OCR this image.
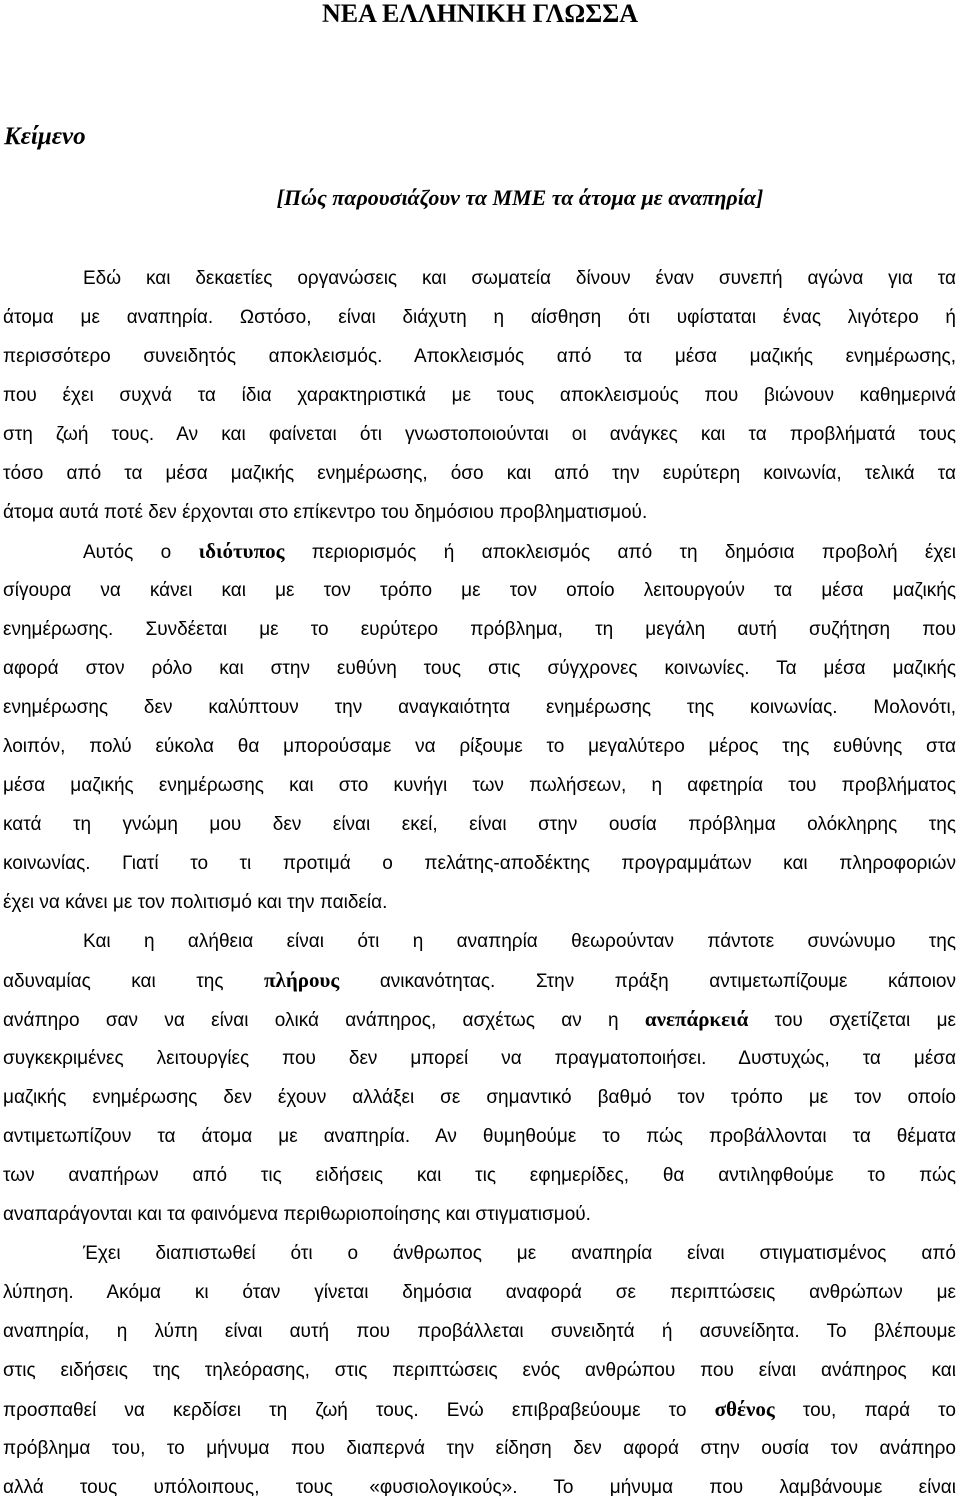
ΝΕΑ ΕΛΛΗΝΙΚΗ ΓΛΩΣΣΑ
Κείμενο
[Πώς παρουσιάζουν τα ΜΜΕ τα άτομα με αναπηρία]
Εδώ και δεκαετίες οργανώσεις και σωματεία δίνουν έναν συνεπή αγώνα για τα
άτομα με αναπηρία. Ωστόσο, είναι διάχυτη η αίσθηση ότι υφίσταται ένας λιγότερο ή
περισσότερο συνειδητός αποκλεισμός. Αποκλεισμός από τα μέσα μαζικής ενημέρωσης,
που έχει συχνά τα ίδια χαρακτηριστικά με τους αποκλεισμούς που βιώνουν καθημερινά
στη ζωή τους. Αν και φαίνεται ότι γνωστοποιούνται οι ανάγκες και τα προβλήματά τους
τόσο από τα μέσα μαζικής ενημέρωσης, όσο και από την ευρύτερη κοινωνία, τελικά τα
άτομα αυτά ποτέ δεν έρχονται στο επίκεντρο του δημόσιου προβληματισμού.
Αυτός ο ιδιότυπος περιορισμός ή αποκλεισμός από τη δημόσια προβολή έχει
σίγουρα να κάνει και με τον τρόπο με τον οποίο λειτουργούν τα μέσα μαζικής
ενημέρωσης. Συνδέεται με το ευρύτερο πρόβλημα, τη μεγάλη αυτή συζήτηση που
αφορά στον ρόλο και στην ευθύνη τους στις σύγχρονες κοινωνίες. Τα μέσα μαζικής
ενημέρωσης δεν καλύπτουν την αναγκαιότητα ενημέρωσης της κοινωνίας. Μολονότι,
λοιπόν, πολύ εύκολα θα μπορούσαμε να ρίξουμε το μεγαλύτερο μέρος της ευθύνης στα
μέσα μαζικής ενημέρωσης και στο κυνήγι των πωλήσεων, η αφετηρία του προβλήματος
κατά τη γνώμη μου δεν είναι εκεί, είναι στην ουσία πρόβλημα ολόκληρης της
κοινωνίας. Γιατί το τι προτιμά ο πελάτης-αποδέκτης προγραμμάτων και πληροφοριών
έχει να κάνει με τον πολιτισμό και την παιδεία.
Και η αλήθεια είναι ότι η αναπηρία θεωρούνταν πάντοτε συνώνυμο της
αδυναμίας και της πλήρους ανικανότητας. Στην πράξη αντιμετωπίζουμε κάποιον
ανάπηρο σαν να είναι ολικά ανάπηρος, ασχέτως αν η ανεπάρκειά του σχετίζεται με
συγκεκριμένες λειτουργίες που δεν μπορεί να πραγματοποιήσει. Δυστυχώς, τα μέσα
μαζικής ενημέρωσης δεν έχουν αλλάξει σε σημαντικό βαθμό τον τρόπο με τον οποίο
αντιμετωπίζουν τα άτομα με αναπηρία. Αν θυμηθούμε το πώς προβάλλονται τα θέματα
των αναπήρων από τις ειδήσεις και τις εφημερίδες, θα αντιληφθούμε το πώς
αναπαράγονται και τα φαινόμενα περιθωριοποίησης και στιγματισμού.
Έχει διαπιστωθεί ότι ο άνθρωπος με αναπηρία είναι στιγματισμένος από
λύπηση. Ακόμα κι όταν γίνεται δημόσια αναφορά σε περιπτώσεις ανθρώπων με
αναπηρία, η λύπη είναι αυτή που προβάλλεται συνειδητά ή ασυνείδητα. Το βλέπουμε
στις ειδήσεις της τηλεόρασης, στις περιπτώσεις ενός ανθρώπου που είναι ανάπηρος και
προσπαθεί να κερδίσει τη ζωή τους. Ενώ επιβραβεύουμε το σθένος του, παρά το
πρόβλημα του, το μήνυμα που διαπερνά την είδηση δεν αφορά στην ουσία τον ανάπηρο
αλλά τους υπόλοιπους, τους «φυσιολογικούς». Το μήνυμα που λαμβάνουμε είναι
